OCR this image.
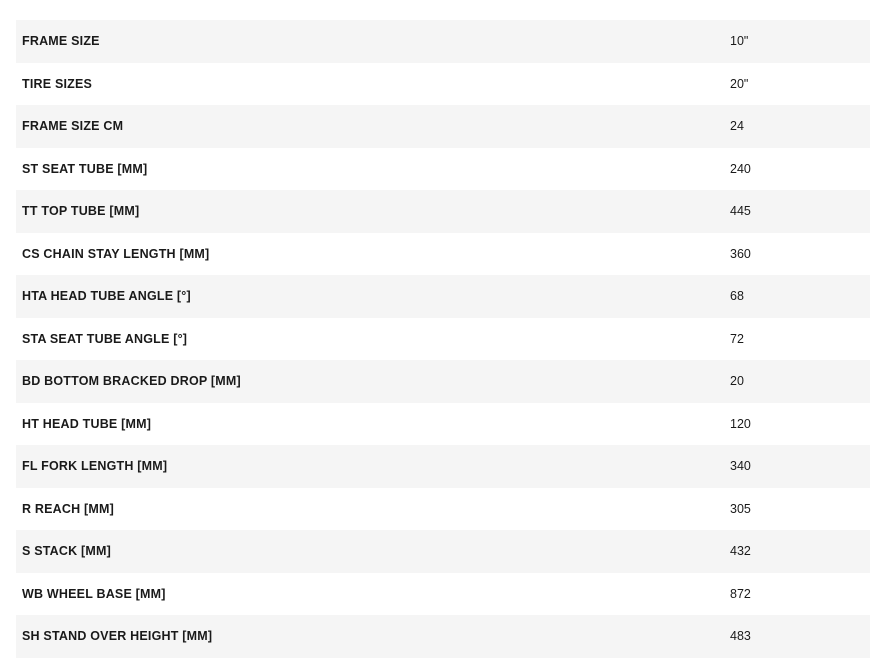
FRAME SIZE	10"
TIRE SIZES	20"
FRAME SIZE CM	24
ST SEAT TUBE [MM]	240
TT TOP TUBE [MM]	445
CS CHAIN STAY LENGTH [MM]	360
HTA HEAD TUBE ANGLE [°]	68
STA SEAT TUBE ANGLE [°]	72
BD BOTTOM BRACKED DROP [MM]	20
HT HEAD TUBE [MM]	120
FL FORK LENGTH [MM]	340
R REACH [MM]	305
S STACK [MM]	432
WB WHEEL BASE [MM]	872
SH STAND OVER HEIGHT [MM]	483
